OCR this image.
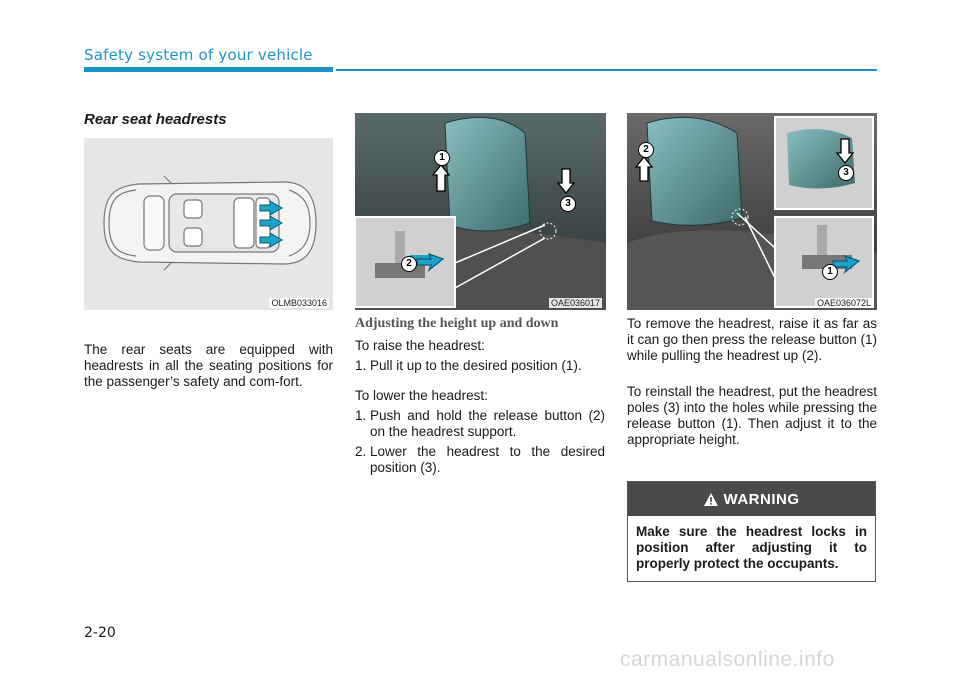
Safety system of your vehicle
Rear seat headrests
OLMB033016
The rear seats are equipped with headrests in all the seating positions for the passenger’s safety and com-fort.
1
3
2
OAE036017
Adjusting the height up and down
To raise the headrest:
1. Pull it up to the desired position (1).
To lower the headrest:
1. Push and hold the release button (2) on the headrest support.
2. Lower the headrest to the desired position (3).
2
3
1
OAE036072L
To remove the headrest, raise it as far as it can go then press the release button (1) while pulling the headrest up (2).
To reinstall the headrest, put the headrest poles (3) into the holes while pressing the release button (1). Then adjust it to the appropriate height.
WARNING
Make sure the headrest locks in position after adjusting it to properly protect the occupants.
2-20
carmanualsonline.info
